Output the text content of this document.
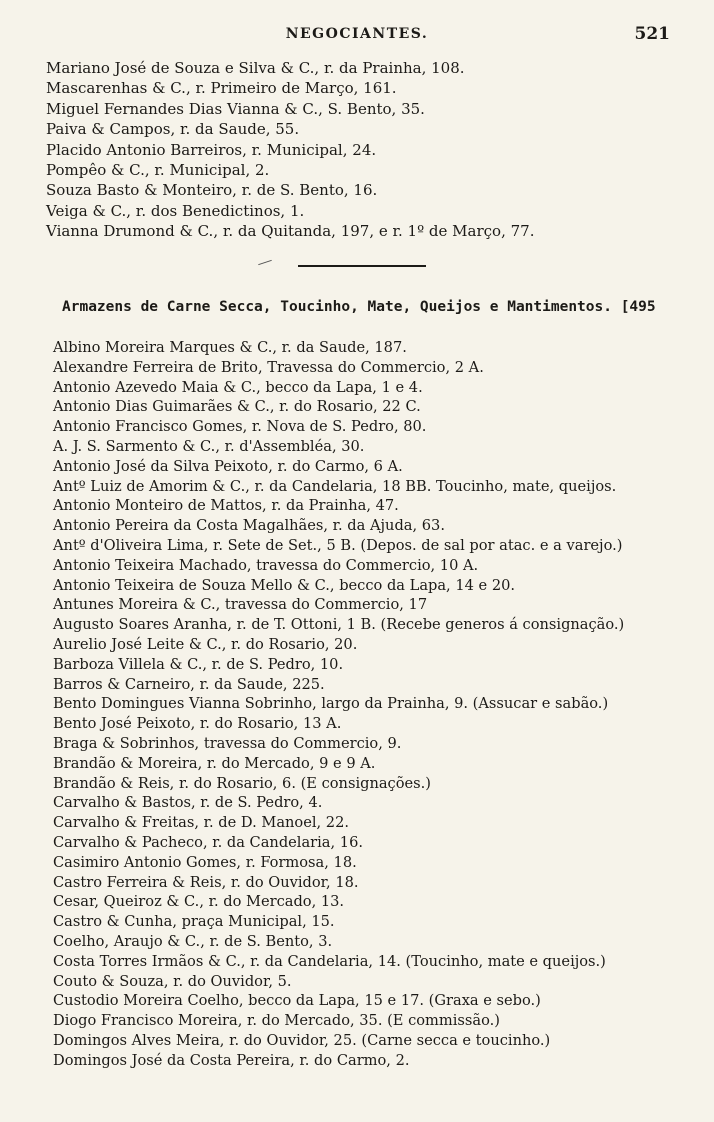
NEGOCIANTES.	521
Mariano José de Souza e Silva & C., r. da Prainha, 108.
Mascarenhas & C., r. Primeiro de Março, 161.
Miguel Fernandes Dias Vianna & C., S. Bento, 35.
Paiva & Campos, r. da Saude, 55.
Placido Antonio Barreiros, r. Municipal, 24.
Pompêo & C., r. Municipal, 2.
Souza Basto & Monteiro, r. de S. Bento, 16.
Veiga & C., r. dos Benedictinos, 1.
Vianna Drumond & C., r. da Quitanda, 197, e r. 1º de Março, 77.
Armazens de Carne Secca, Toucinho, Mate, Queijos e Mantimentos. [495
Albino Moreira Marques & C., r. da Saude, 187.
Alexandre Ferreira de Brito, Travessa do Commercio, 2 A.
Antonio Azevedo Maia & C., becco da Lapa, 1 e 4.
Antonio Dias Guimarães & C., r. do Rosario, 22 C.
Antonio Francisco Gomes, r. Nova de S. Pedro, 80.
A. J. S. Sarmento & C., r. d'Assembléa, 30.
Antonio José da Silva Peixoto, r. do Carmo, 6 A.
Antº Luiz de Amorim & C., r. da Candelaria, 18 BB. Toucinho, mate, queijos.
Antonio Monteiro de Mattos, r. da Prainha, 47.
Antonio Pereira da Costa Magalhães, r. da Ajuda, 63.
Antº d'Oliveira Lima, r. Sete de Set., 5 B. (Depos. de sal por atac. e a varejo.)
Antonio Teixeira Machado, travessa do Commercio, 10 A.
Antonio Teixeira de Souza Mello & C., becco da Lapa, 14 e 20.
Antunes Moreira & C., travessa do Commercio, 17
Augusto Soares Aranha, r. de T. Ottoni, 1 B. (Recebe generos á consignação.)
Aurelio José Leite & C., r. do Rosario, 20.
Barboza Villela & C., r. de S. Pedro, 10.
Barros & Carneiro, r. da Saude, 225.
Bento Domingues Vianna Sobrinho, largo da Prainha, 9. (Assucar e sabão.)
Bento José Peixoto, r. do Rosario, 13 A.
Braga & Sobrinhos, travessa do Commercio, 9.
Brandão & Moreira, r. do Mercado, 9 e 9 A.
Brandão & Reis, r. do Rosario, 6. (E consignações.)
Carvalho & Bastos, r. de S. Pedro, 4.
Carvalho & Freitas, r. de D. Manoel, 22.
Carvalho & Pacheco, r. da Candelaria, 16.
Casimiro Antonio Gomes, r. Formosa, 18.
Castro Ferreira & Reis, r. do Ouvidor, 18.
Cesar, Queiroz & C., r. do Mercado, 13.
Castro & Cunha, praça Municipal, 15.
Coelho, Araujo & C., r. de S. Bento, 3.
Costa Torres Irmãos & C., r. da Candelaria, 14. (Toucinho, mate e queijos.)
Couto & Souza, r. do Ouvidor, 5.
Custodio Moreira Coelho, becco da Lapa, 15 e 17. (Graxa e sebo.)
Diogo Francisco Moreira, r. do Mercado, 35. (E commissão.)
Domingos Alves Meira, r. do Ouvidor, 25. (Carne secca e toucinho.)
Domingos José da Costa Pereira, r. do Carmo, 2.
